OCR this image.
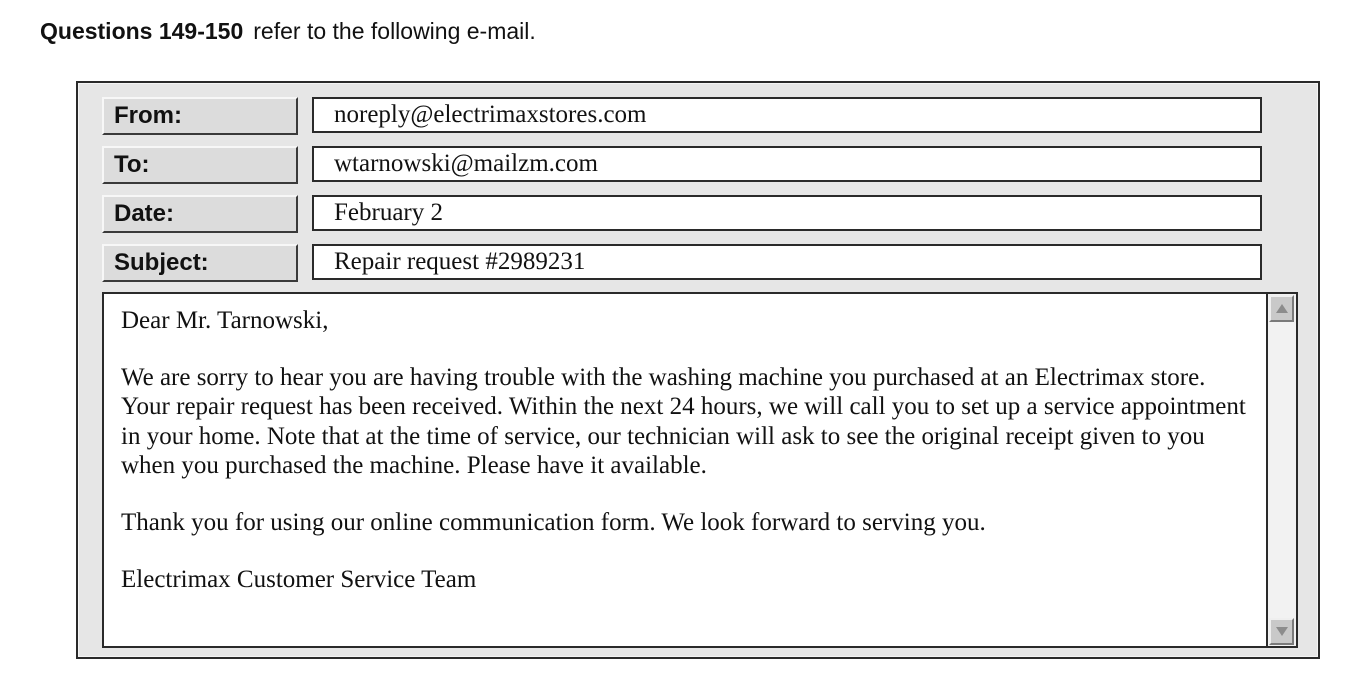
Questions 149-150 refer to the following e-mail.
From:	noreply@electrimaxstores.com
To:	wtarnowski@mailzm.com
Date:	February 2
Subject:	Repair request #2989231

Dear Mr. Tarnowski,

We are sorry to hear you are having trouble with the washing machine you purchased at an Electrimax store. Your repair request has been received. Within the next 24 hours, we will call you to set up a service appointment in your home. Note that at the time of service, our technician will ask to see the original receipt given to you when you purchased the machine. Please have it available.

Thank you for using our online communication form. We look forward to serving you.

Electrimax Customer Service Team
